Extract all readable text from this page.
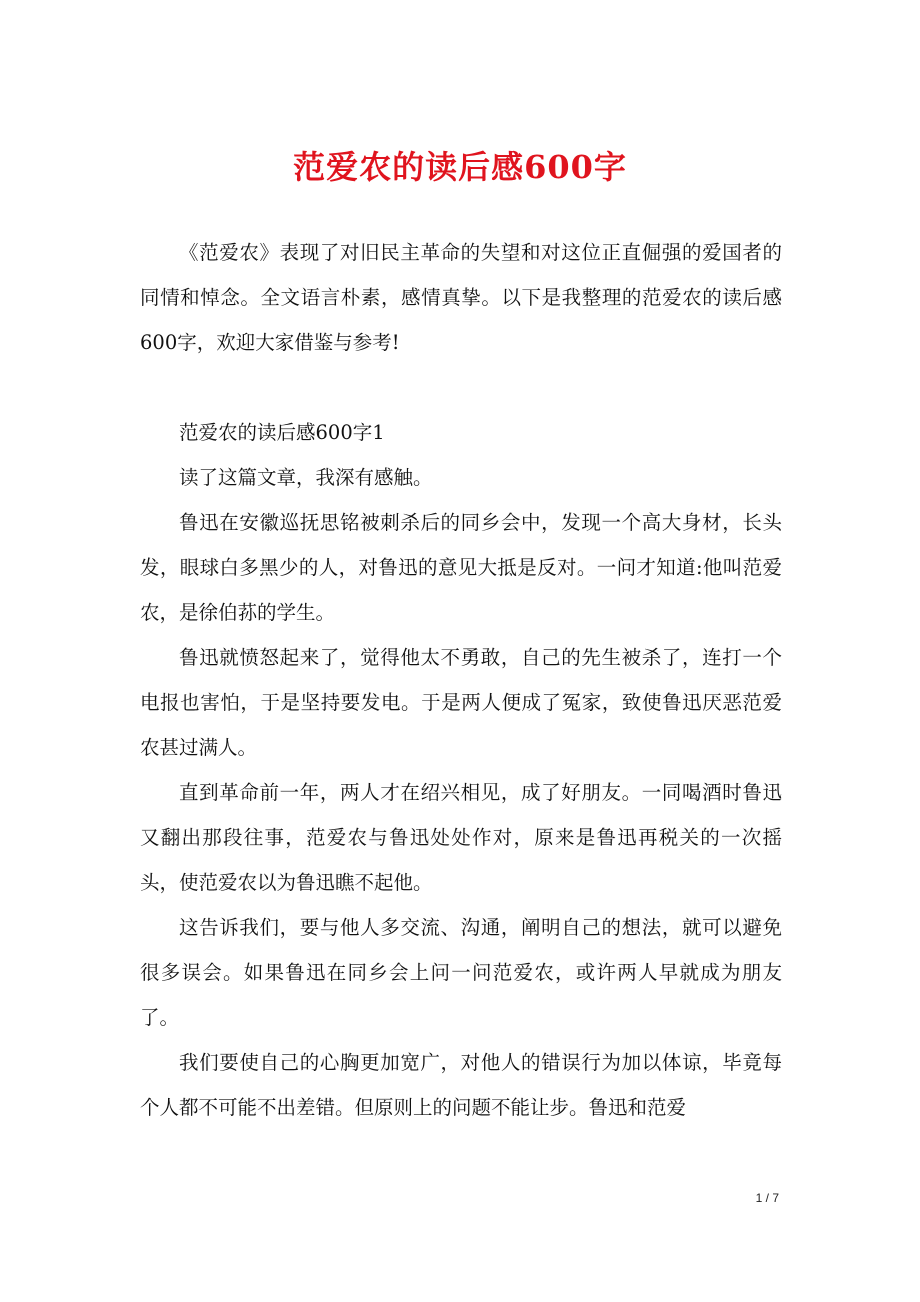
范爱农的读后感600字

《范爱农》表现了对旧民主革命的失望和对这位正直倔强的爱国者的同情和悼念。全文语言朴素，感情真挚。以下是我整理的范爱农的读后感600字，欢迎大家借鉴与参考!

范爱农的读后感600字1

读了这篇文章，我深有感触。

鲁迅在安徽巡抚思铭被刺杀后的同乡会中，发现一个高大身材，长头发，眼球白多黑少的人，对鲁迅的意见大抵是反对。一问才知道:他叫范爱农，是徐伯荪的学生。

鲁迅就愤怒起来了，觉得他太不勇敢，自己的先生被杀了，连打一个电报也害怕，于是坚持要发电。于是两人便成了冤家，致使鲁迅厌恶范爱农甚过满人。

直到革命前一年，两人才在绍兴相见，成了好朋友。一同喝酒时鲁迅又翻出那段往事，范爱农与鲁迅处处作对，原来是鲁迅再税关的一次摇头，使范爱农以为鲁迅瞧不起他。

这告诉我们，要与他人多交流、沟通，阐明自己的想法，就可以避免很多误会。如果鲁迅在同乡会上问一问范爱农，或许两人早就成为朋友了。

我们要使自己的心胸更加宽广，对他人的错误行为加以体谅，毕竟每个人都不可能不出差错。但原则上的问题不能让步。鲁迅和范爱

1 / 7
